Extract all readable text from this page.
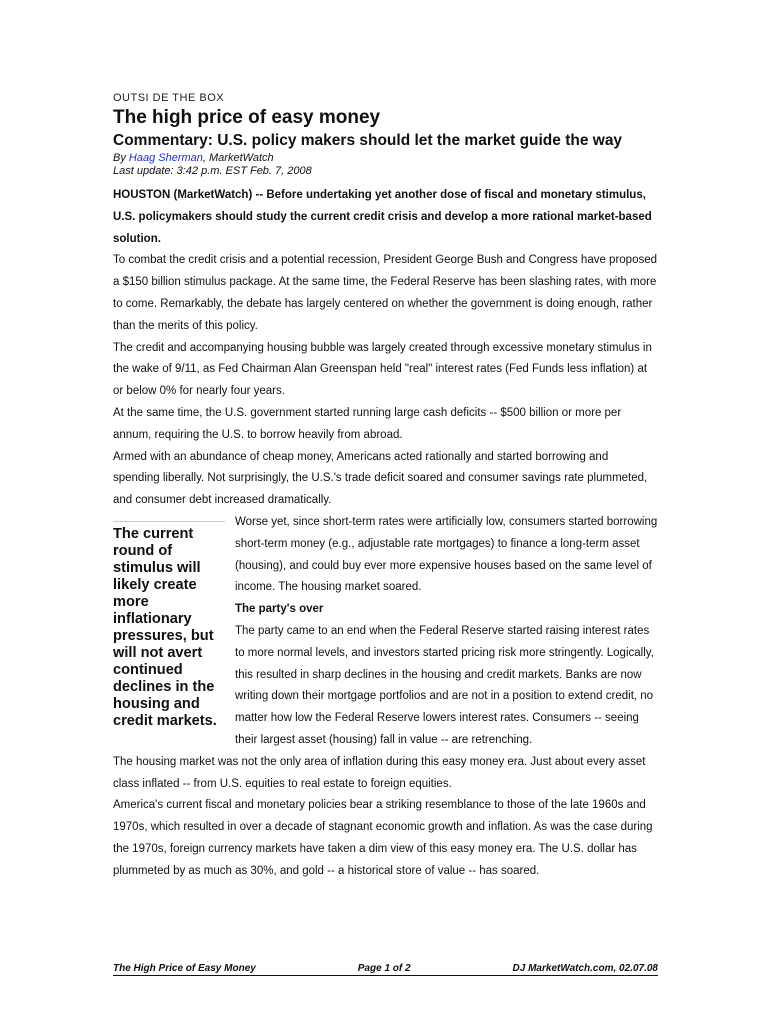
OUTSI DE THE BOX
The high price of easy money
Commentary: U.S. policy makers should let the market guide the way
By Haag Sherman, MarketWatch
Last update: 3:42 p.m. EST Feb. 7, 2008

HOUSTON (MarketWatch) -- Before undertaking yet another dose of fiscal and monetary stimulus, U.S. policymakers should study the current credit crisis and develop a more rational market-based solution.

To combat the credit crisis and a potential recession, President George Bush and Congress have proposed a $150 billion stimulus package. At the same time, the Federal Reserve has been slashing rates, with more to come. Remarkably, the debate has largely centered on whether the government is doing enough, rather than the merits of this policy.

The credit and accompanying housing bubble was largely created through excessive monetary stimulus in the wake of 9/11, as Fed Chairman Alan Greenspan held "real" interest rates (Fed Funds less inflation) at or below 0% for nearly four years.

At the same time, the U.S. government started running large cash deficits -- $500 billion or more per annum, requiring the U.S. to borrow heavily from abroad.

Armed with an abundance of cheap money, Americans acted rationally and started borrowing and spending liberally. Not surprisingly, the U.S.'s trade deficit soared and consumer savings rate plummeted, and consumer debt increased dramatically.

The current round of stimulus will likely create more inflationary pressures, but will not avert continued declines in the housing and credit markets.

Worse yet, since short-term rates were artificially low, consumers started borrowing short-term money (e.g., adjustable rate mortgages) to finance a long-term asset (housing), and could buy ever more expensive houses based on the same level of income. The housing market soared.

The party's over

The party came to an end when the Federal Reserve started raising interest rates to more normal levels, and investors started pricing risk more stringently. Logically, this resulted in sharp declines in the housing and credit markets. Banks are now writing down their mortgage portfolios and are not in a position to extend credit, no matter how low the Federal Reserve lowers interest rates. Consumers -- seeing their largest asset (housing) fall in value -- are retrenching.

The housing market was not the only area of inflation during this easy money era. Just about every asset class inflated -- from U.S. equities to real estate to foreign equities.

America's current fiscal and monetary policies bear a striking resemblance to those of the late 1960s and 1970s, which resulted in over a decade of stagnant economic growth and inflation. As was the case during the 1970s, foreign currency markets have taken a dim view of this easy money era. The U.S. dollar has plummeted by as much as 30%, and gold -- a historical store of value -- has soared.

The High Price of Easy Money	Page 1 of 2	DJ MarketWatch.com, 02.07.08
